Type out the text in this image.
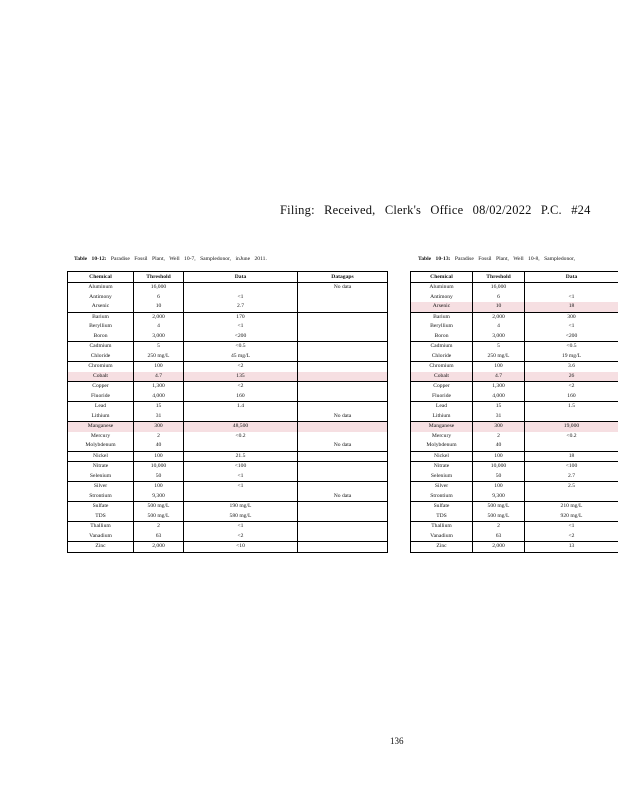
Filing: Received, Clerk's Office 08/02/2022 P.C. #24
Table 10-12: Paradise Fossil Plant, Well 10-7, Sampledonor, inJune 2011.	Table 10-13: Paradise Fossil Plant, Well 10-8, Sampledonor,
Chemical	Threshold	Data	Datagaps
Aluminum	16,000		No data
Antimony	6	<1	
Arsenic	10	2.7	
Barium	2,000	170	
Beryllium	4	<1	
Boron	3,000	<200	
Cadmium	5	<0.5	
Chloride	250 mg/L	45 mg/L	
Chromium	100	<2	
Cobalt	4.7	135	
Copper	1,300	<2	
Fluoride	4,000	160	
Lead	15	1.4	
Lithium	31		No data
Manganese	300	48,500	
Mercury	2	<0.2	
Molybdenum	40		No data
Nickel	100	21.5	
Nitrate	10,000	<100	
Selenium	50	<1	
Silver	100	<1	
Strontium	9,300		No data
Sulfate	500 mg/L	190 mg/L	
TDS	500 mg/L	580 mg/L	
Thallium	2	<1	
Vanadium	63	<2	
Zinc	2,000	<10	
Chemical	Threshold	Data
Aluminum	16,000	
Antimony	6	<1
Arsenic	10	18
Barium	2,000	300
Beryllium	4	<1
Boron	3,000	<200
Cadmium	5	<0.5
Chloride	250 mg/L	19 mg/L
Chromium	100	3.6
Cobalt	4.7	26
Copper	1,300	<2
Fluoride	4,000	160
Lead	15	1.5
Lithium	31	
Manganese	300	19,000
Mercury	2	<0.2
Molybdenum	40	
Nickel	100	18
Nitrate	10,000	<100
Selenium	50	2.7
Silver	100	2.5
Strontium	9,300	
Sulfate	500 mg/L	210 mg/L
TDS	500 mg/L	920 mg/L
Thallium	2	<1
Vanadium	63	<2
Zinc	2,000	13
136
